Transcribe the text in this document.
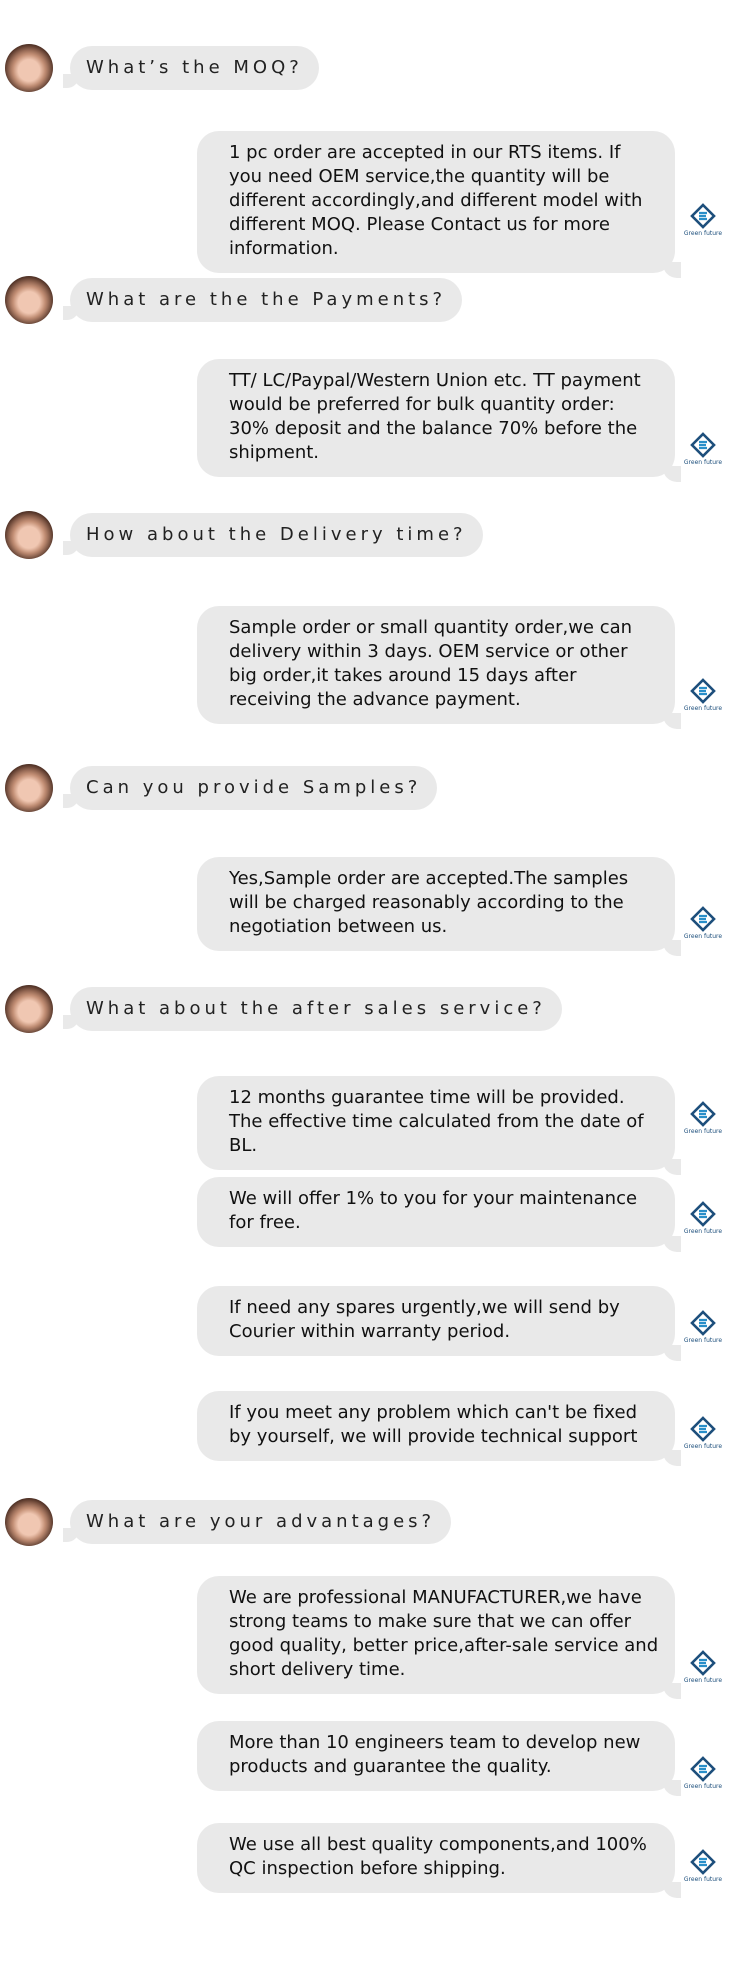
What’s the MOQ?
1 pc order are accepted in our RTS items. If you need OEM service,the quantity will be different accordingly,and different model with different MOQ. Please Contact us for more information.
Green future
What are the the Payments?
TT/ LC/Paypal/Western Union etc. TT payment would be preferred for bulk quantity order: 30% deposit and the balance 70% before the shipment.	Green future
How about the Delivery time?
Sample order or small quantity order,we can delivery within 3 days. OEM service or other big order,it takes around 15 days after receiving the advance payment.	Green future
Can you provide Samples?
Yes,Sample order are accepted.The samples will be charged reasonably according to the negotiation between us.	Green future
What about the after sales service?
12 months guarantee time will be provided. The effective time calculated from the date of BL.
Green future
We will offer 1% to you for your maintenance for free.	Green future
If need any spares urgently,we will send by Courier within warranty period.	Green future
If you meet any problem which can't be fixed by yourself, we will provide technical support	Green future
What are your advantages?
We are professional MANUFACTURER,we have strong teams to make sure that we can offer good quality, better price,after-sale service and short delivery time.
Green future
More than 10 engineers team to develop new products and guarantee the quality.
Green future
We use all best quality components,and 100% QC inspection before shipping.
Green future
